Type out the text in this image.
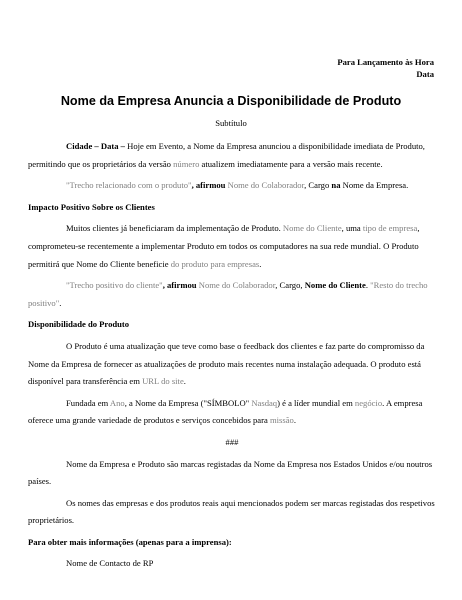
Para Lançamento às Hora
Data
Nome da Empresa Anuncia a Disponibilidade de Produto
Subtítulo

Cidade – Data – Hoje em Evento, a Nome da Empresa anunciou a disponibilidade imediata de Produto, permitindo que os proprietários da versão número atualizem imediatamente para a versão mais recente.

"Trecho relacionado com o produto", afirmou Nome do Colaborador, Cargo na Nome da Empresa.

Impacto Positivo Sobre os Clientes

Muitos clientes já beneficiaram da implementação de Produto. Nome do Cliente, uma tipo de empresa, comprometeu-se recentemente a implementar Produto em todos os computadores na sua rede mundial. O Produto permitirá que Nome do Cliente beneficie do produto para empresas.

"Trecho positivo do cliente", afirmou Nome do Colaborador, Cargo, Nome do Cliente. "Resto do trecho positivo".

Disponibilidade do Produto

O Produto é uma atualização que teve como base o feedback dos clientes e faz parte do compromisso da Nome da Empresa de fornecer as atualizações de produto mais recentes numa instalação adequada. O produto está disponível para transferência em URL do site.

Fundada em Ano, a Nome da Empresa ("SÍMBOLO" Nasdaq) é a líder mundial em negócio. A empresa oferece uma grande variedade de produtos e serviços concebidos para missão.

###

Nome da Empresa e Produto são marcas registadas da Nome da Empresa nos Estados Unidos e/ou noutros países.

Os nomes das empresas e dos produtos reais aqui mencionados podem ser marcas registadas dos respetivos proprietários.

Para obter mais informações (apenas para a imprensa):

Nome de Contacto de RP
